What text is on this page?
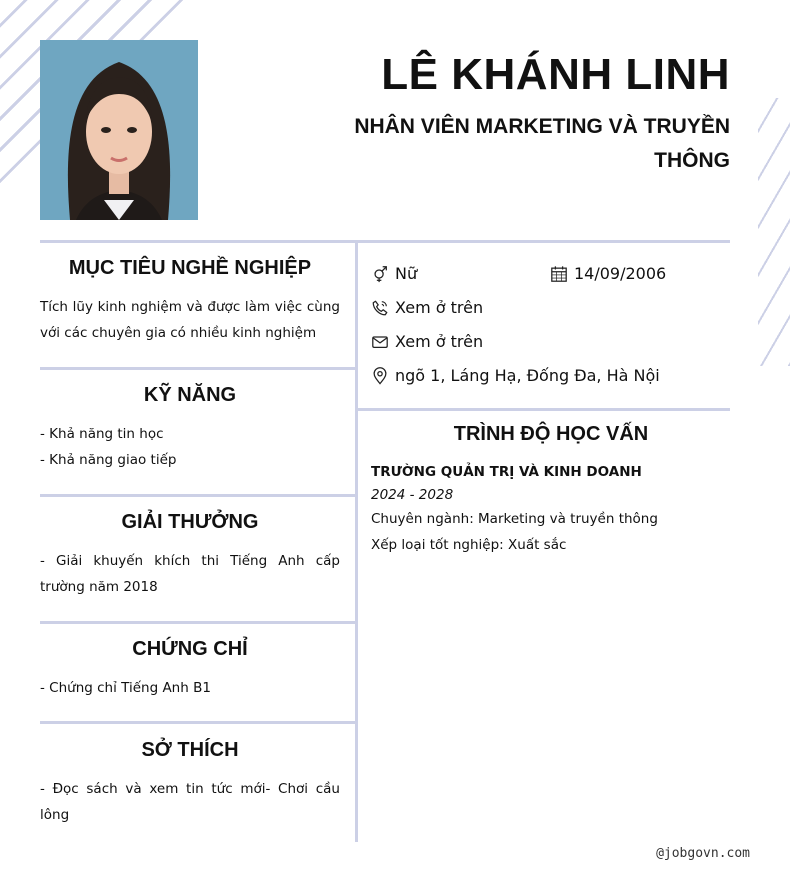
LÊ KHÁNH LINH
NHÂN VIÊN MARKETING VÀ TRUYỀN THÔNG
MỤC TIÊU NGHỀ NGHIỆP

Tích lũy kinh nghiệm và được làm việc cùng với các chuyên gia có nhiều kinh nghiệm

KỸ NĂNG
- Khả năng tin học
- Khả năng giao tiếp
GIẢI THƯỞNG

- Giải khuyến khích thi Tiếng Anh cấp trường năm 2018

CHỨNG CHỈ

- Chứng chỉ Tiếng Anh B1

SỞ THÍCH

- Đọc sách và xem tin tức mới- Chơi cầu lông

Nữ	14/09/2006
Xem ở trên
Xem ở trên
ngõ 1, Láng Hạ, Đống Đa, Hà Nội
TRÌNH ĐỘ HỌC VẤN

TRƯỜNG QUẢN TRỊ VÀ KINH DOANH

2024 - 2028

Chuyên ngành: Marketing và truyền thông

Xếp loại tốt nghiệp: Xuất sắc

@jobgovn.com
